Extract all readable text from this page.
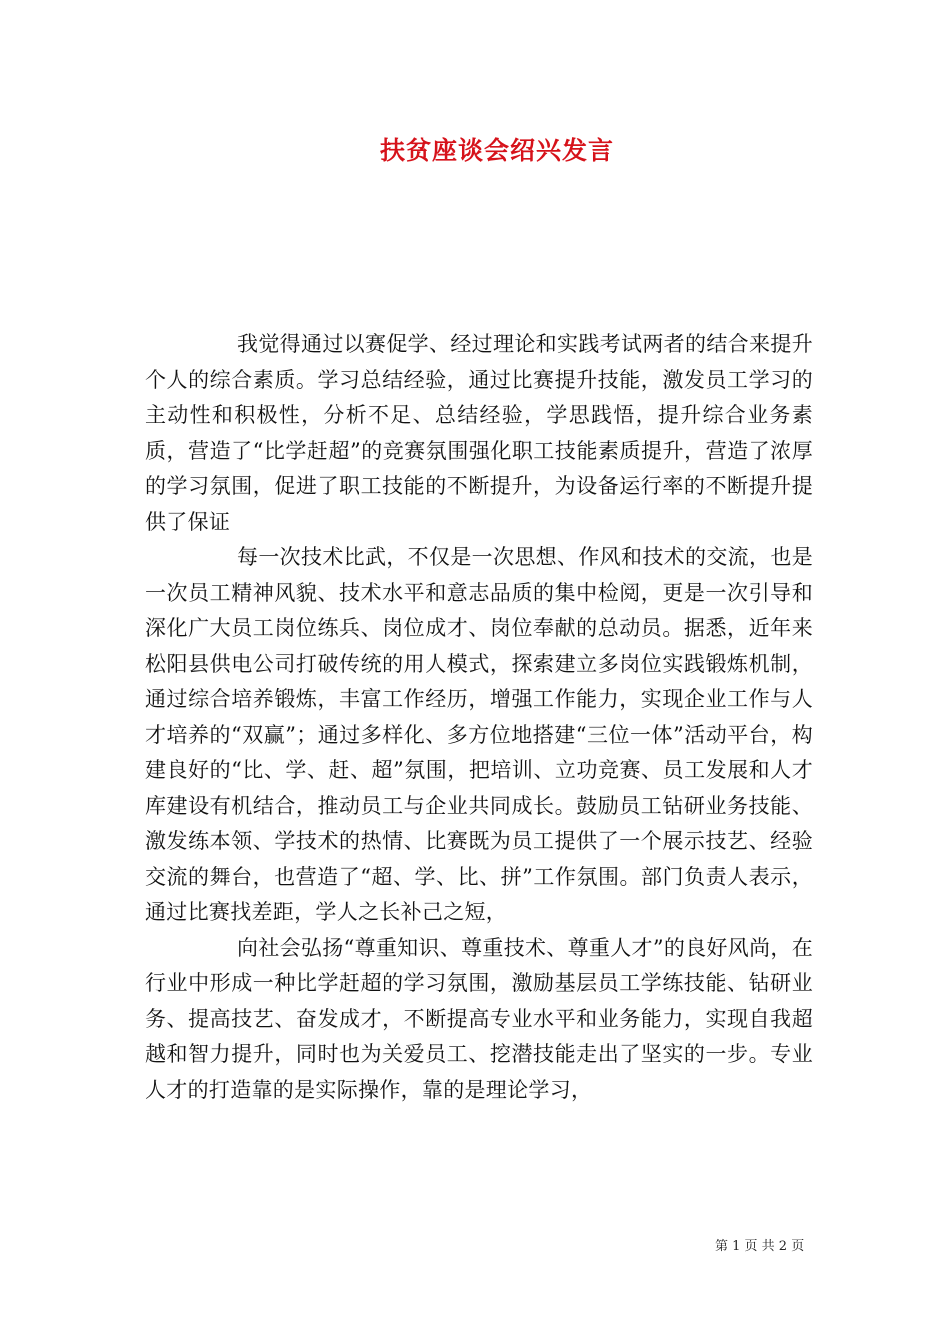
扶贫座谈会绍兴发言

我觉得通过以赛促学、经过理论和实践考试两者的结合来提升个人的综合素质。学习总结经验，通过比赛提升技能，激发员工学习的主动性和积极性，分析不足、总结经验，学思践悟，提升综合业务素质，营造了“比学赶超”的竞赛氛围强化职工技能素质提升，营造了浓厚的学习氛围，促进了职工技能的不断提升，为设备运行率的不断提升提供了保证

每一次技术比武，不仅是一次思想、作风和技术的交流，也是一次员工精神风貌、技术水平和意志品质的集中检阅，更是一次引导和深化广大员工岗位练兵、岗位成才、岗位奉献的总动员。据悉，近年来松阳县供电公司打破传统的用人模式，探索建立多岗位实践锻炼机制，通过综合培养锻炼，丰富工作经历，增强工作能力，实现企业工作与人才培养的“双赢”；通过多样化、多方位地搭建“三位一体”活动平台，构建良好的“比、学、赶、超”氛围，把培训、立功竞赛、员工发展和人才库建设有机结合，推动员工与企业共同成长。鼓励员工钻研业务技能、激发练本领、学技术的热情、比赛既为员工提供了一个展示技艺、经验交流的舞台，也营造了“超、学、比、拼”工作氛围。部门负责人表示，通过比赛找差距，学人之长补己之短，

向社会弘扬“尊重知识、尊重技术、尊重人才”的良好风尚，在行业中形成一种比学赶超的学习氛围，激励基层员工学练技能、钻研业务、提高技艺、奋发成才，不断提高专业水平和业务能力，实现自我超越和智力提升，同时也为关爱员工、挖潜技能走出了坚实的一步。专业人才的打造靠的是实际操作，靠的是理论学习，

第 1 页 共 2 页
